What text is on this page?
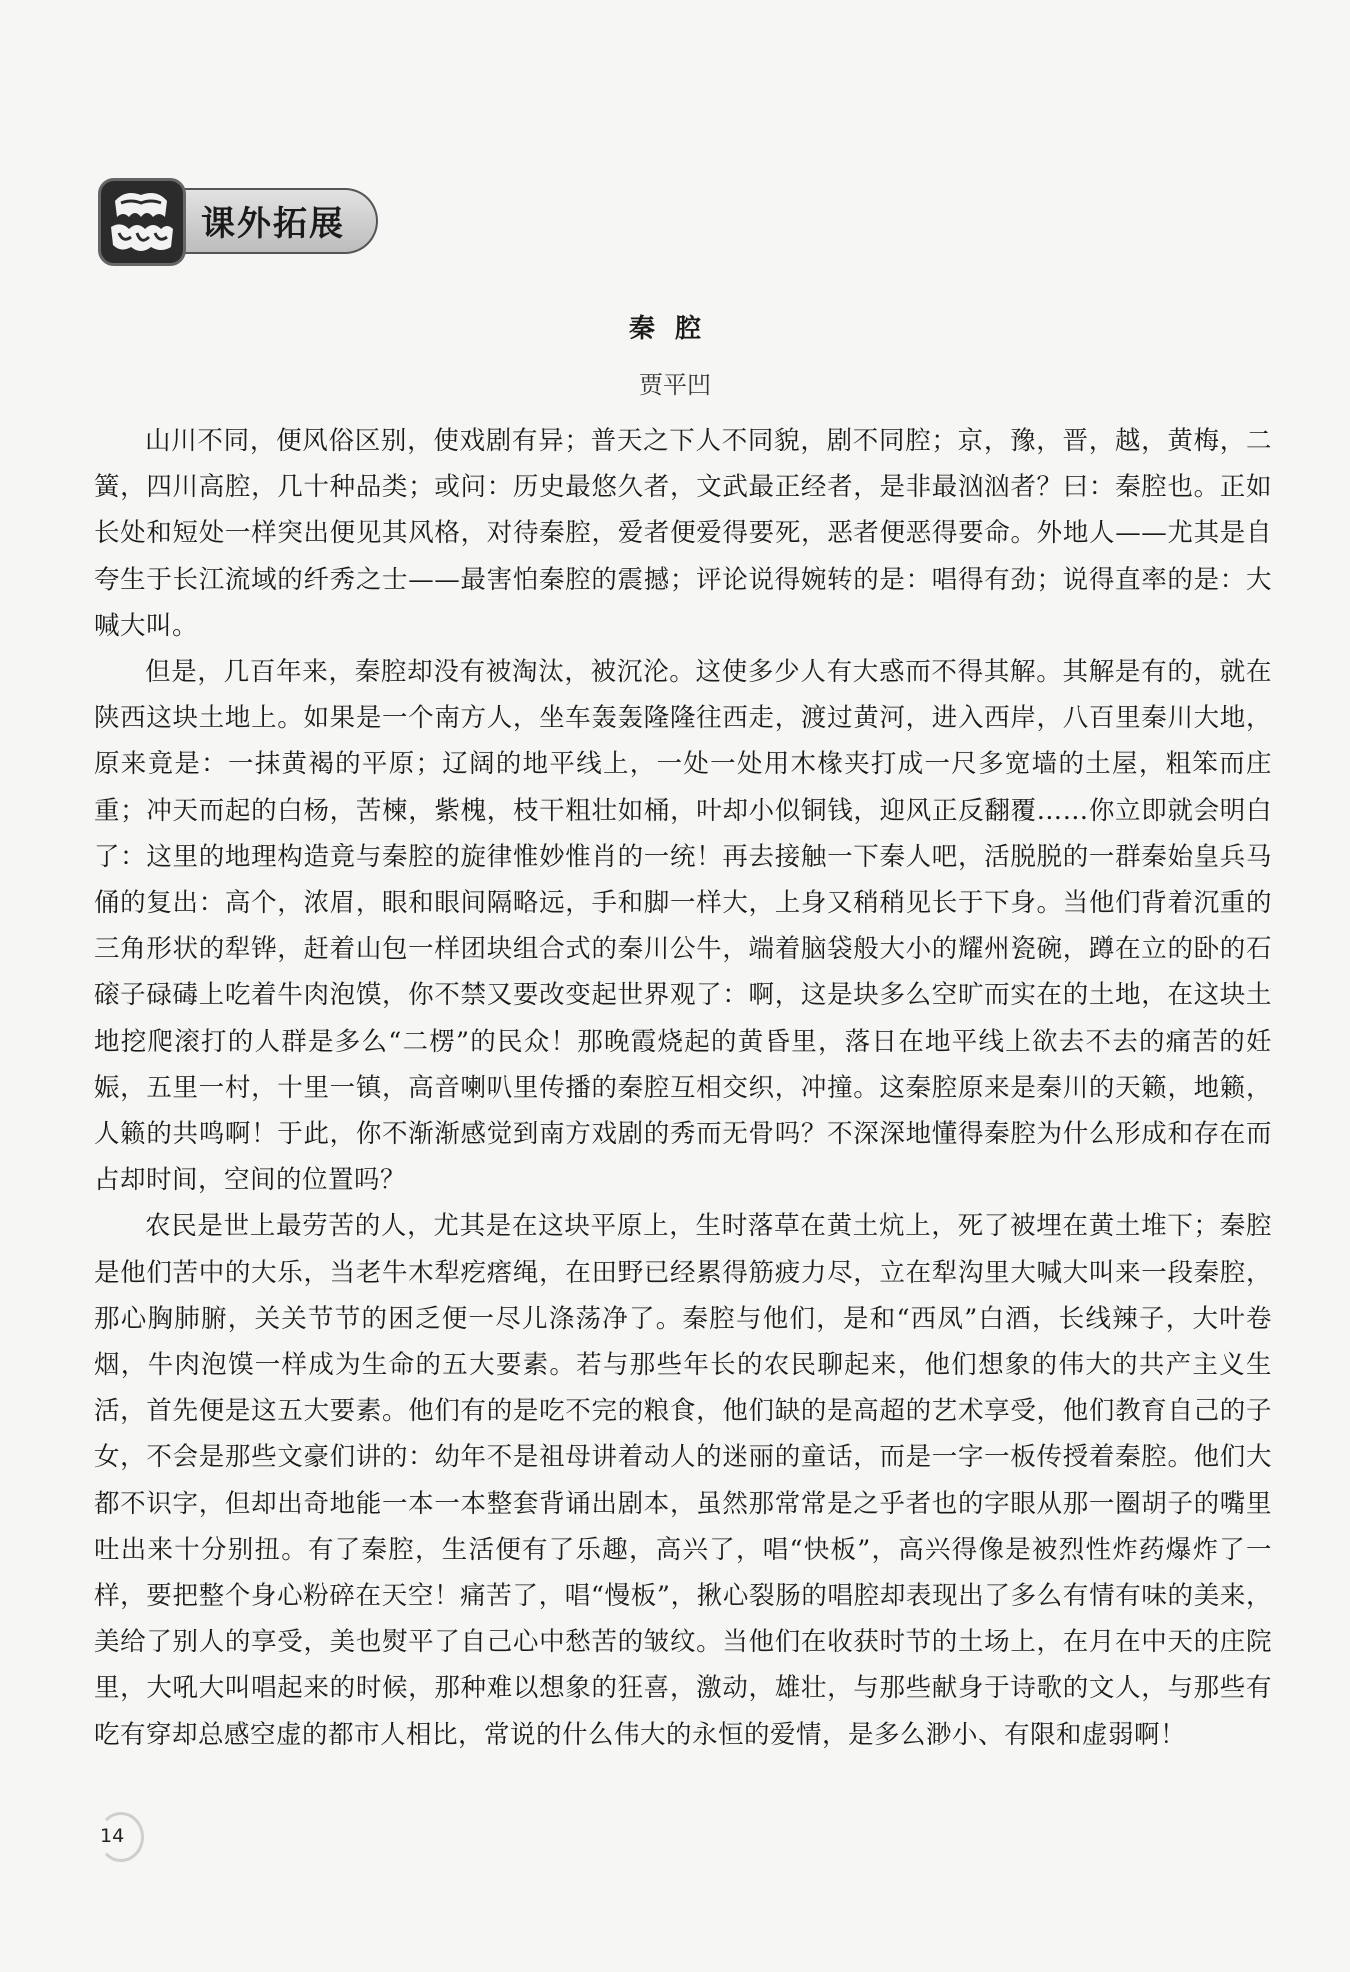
课外拓展
秦腔
贾平凹

山川不同，便风俗区别，使戏剧有异；普天之下人不同貌，剧不同腔；京，豫，晋，越，黄梅，二簧，四川高腔，几十种品类；或问：历史最悠久者，文武最正经者，是非最汹汹者？曰：秦腔也。正如长处和短处一样突出便见其风格，对待秦腔，爱者便爱得要死，恶者便恶得要命。外地人——尤其是自夸生于长江流域的纤秀之士——最害怕秦腔的震撼；评论说得婉转的是：唱得有劲；说得直率的是：大喊大叫。

但是，几百年来，秦腔却没有被淘汰，被沉沦。这使多少人有大惑而不得其解。其解是有的，就在陕西这块土地上。如果是一个南方人，坐车轰轰隆隆往西走，渡过黄河，进入西岸，八百里秦川大地，原来竟是：一抹黄褐的平原；辽阔的地平线上，一处一处用木椽夹打成一尺多宽墙的土屋，粗笨而庄重；冲天而起的白杨，苦楝，紫槐，枝干粗壮如桶，叶却小似铜钱，迎风正反翻覆……你立即就会明白了：这里的地理构造竟与秦腔的旋律惟妙惟肖的一统！再去接触一下秦人吧，活脱脱的一群秦始皇兵马俑的复出：高个，浓眉，眼和眼间隔略远，手和脚一样大，上身又稍稍见长于下身。当他们背着沉重的三角形状的犁铧，赶着山包一样团块组合式的秦川公牛，端着脑袋般大小的耀州瓷碗，蹲在立的卧的石磙子碌碡上吃着牛肉泡馍，你不禁又要改变起世界观了：啊，这是块多么空旷而实在的土地，在这块土地挖爬滚打的人群是多么“二楞”的民众！那晚霞烧起的黄昏里，落日在地平线上欲去不去的痛苦的妊娠，五里一村，十里一镇，高音喇叭里传播的秦腔互相交织，冲撞。这秦腔原来是秦川的天籁，地籁，人籁的共鸣啊！于此，你不渐渐感觉到南方戏剧的秀而无骨吗？不深深地懂得秦腔为什么形成和存在而占却时间，空间的位置吗？

农民是世上最劳苦的人，尤其是在这块平原上，生时落草在黄土炕上，死了被埋在黄土堆下；秦腔是他们苦中的大乐，当老牛木犁疙瘩绳，在田野已经累得筋疲力尽，立在犁沟里大喊大叫来一段秦腔，那心胸肺腑，关关节节的困乏便一尽儿涤荡净了。秦腔与他们，是和“西凤”白酒，长线辣子，大叶卷烟，牛肉泡馍一样成为生命的五大要素。若与那些年长的农民聊起来，他们想象的伟大的共产主义生活，首先便是这五大要素。他们有的是吃不完的粮食，他们缺的是高超的艺术享受，他们教育自己的子女，不会是那些文豪们讲的：幼年不是祖母讲着动人的迷丽的童话，而是一字一板传授着秦腔。他们大都不识字，但却出奇地能一本一本整套背诵出剧本，虽然那常常是之乎者也的字眼从那一圈胡子的嘴里吐出来十分别扭。有了秦腔，生活便有了乐趣，高兴了，唱“快板”，高兴得像是被烈性炸药爆炸了一样，要把整个身心粉碎在天空！痛苦了，唱“慢板”，揪心裂肠的唱腔却表现出了多么有情有味的美来，美给了别人的享受，美也熨平了自己心中愁苦的皱纹。当他们在收获时节的土场上，在月在中天的庄院里，大吼大叫唱起来的时候，那种难以想象的狂喜，激动，雄壮，与那些献身于诗歌的文人，与那些有吃有穿却总感空虚的都市人相比，常说的什么伟大的永恒的爱情，是多么渺小、有限和虚弱啊！

14
